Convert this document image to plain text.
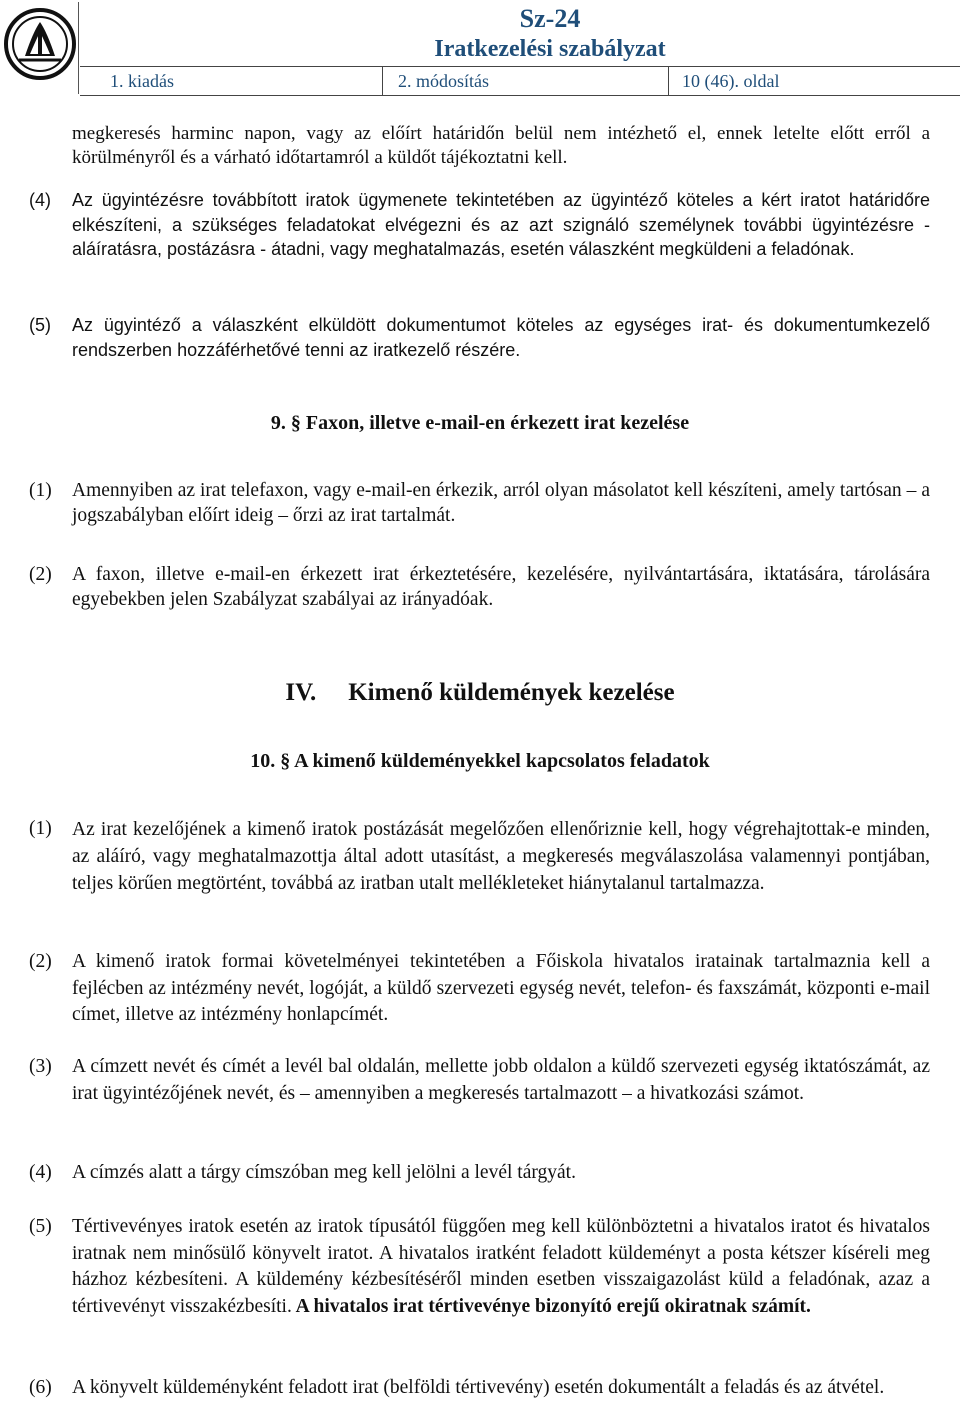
Sz-24
Iratkezelési szabályzat
1. kiadás	2. módosítás	10 (46). oldal

megkeresés harminc napon, vagy az előírt határidőn belül nem intézhető el, ennek letelte előtt erről a körülményről és a várható időtartamról a küldőt tájékoztatni kell.

(4) Az ügyintézésre továbbított iratok ügymenete tekintetében az ügyintéző köteles a kért iratot határidőre elkészíteni, a szükséges feladatokat elvégezni és az azt szignáló személynek további ügyintézésre - aláíratásra, postázásra - átadni, vagy meghatalmazás, esetén válaszként megküldeni a feladónak.

(5) Az ügyintéző a válaszként elküldött dokumentumot köteles az egységes irat- és dokumentumkezelő rendszerben hozzáférhetővé tenni az iratkezelő részére.

9. § Faxon, illetve e-mail-en érkezett irat kezelése
(1) Amennyiben az irat telefaxon, vagy e-mail-en érkezik, arról olyan másolatot kell készíteni, amely tartósan – a jogszabályban előírt ideig – őrzi az irat tartalmát.

(2) A faxon, illetve e-mail-en érkezett irat érkeztetésére, kezelésére, nyilvántartására, iktatására, tárolására egyebekben jelen Szabályzat szabályai az irányadóak.

IV. Kimenő küldemények kezelése
10. § A kimenő küldeményekkel kapcsolatos feladatok
(1) Az irat kezelőjének a kimenő iratok postázását megelőzően ellenőriznie kell, hogy végrehajtottak-e minden, az aláíró, vagy meghatalmazottja által adott utasítást, a megkeresés megválaszolása valamennyi pontjában, teljes körűen megtörtént, továbbá az iratban utalt mellékleteket hiánytalanul tartalmazza.

(2) A kimenő iratok formai követelményei tekintetében a Főiskola hivatalos iratainak tartalmaznia kell a fejlécben az intézmény nevét, logóját, a küldő szervezeti egység nevét, telefon- és faxszámát, központi e-mail címet, illetve az intézmény honlapcímét.

(3) A címzett nevét és címét a levél bal oldalán, mellette jobb oldalon a küldő szervezeti egység iktatószámát, az irat ügyintézőjének nevét, és – amennyiben a megkeresés tartalmazott – a hivatkozási számot.

(4) A címzés alatt a tárgy címszóban meg kell jelölni a levél tárgyát.

(5) Tértivevényes iratok esetén az iratok típusától függően meg kell különböztetni a hivatalos iratot és hivatalos iratnak nem minősülő könyvelt iratot. A hivatalos iratként feladott küldeményt a posta kétszer kíséreli meg házhoz kézbesíteni. A küldemény kézbesítéséről minden esetben visszaigazolást küld a feladónak, azaz a tértivevényt visszakézbesíti. A hivatalos irat tértivevénye bizonyító erejű okiratnak számít.

(6) A könyvelt küldeményként feladott irat (belföldi tértivevény) esetén dokumentált a feladás és az átvétel.
